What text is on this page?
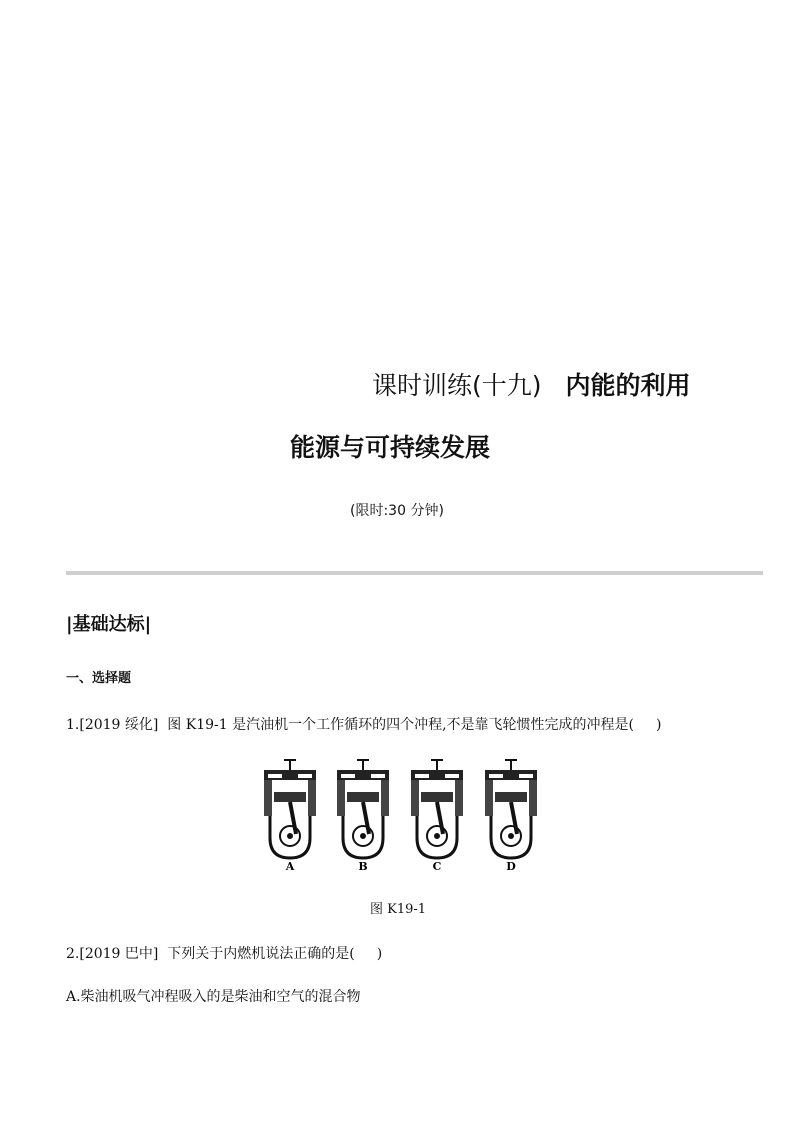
课时训练(十九) 内能的利用
能源与可持续发展
(限时:30 分钟)
|基础达标|
一、选择题
1.[2019 绥化] 图 K19-1 是汽油机一个工作循环的四个冲程,不是靠飞轮惯性完成的冲程是( )
A	B	C	D
图 K19-1
2.[2019 巴中] 下列关于内燃机说法正确的是( )
A.柴油机吸气冲程吸入的是柴油和空气的混合物
